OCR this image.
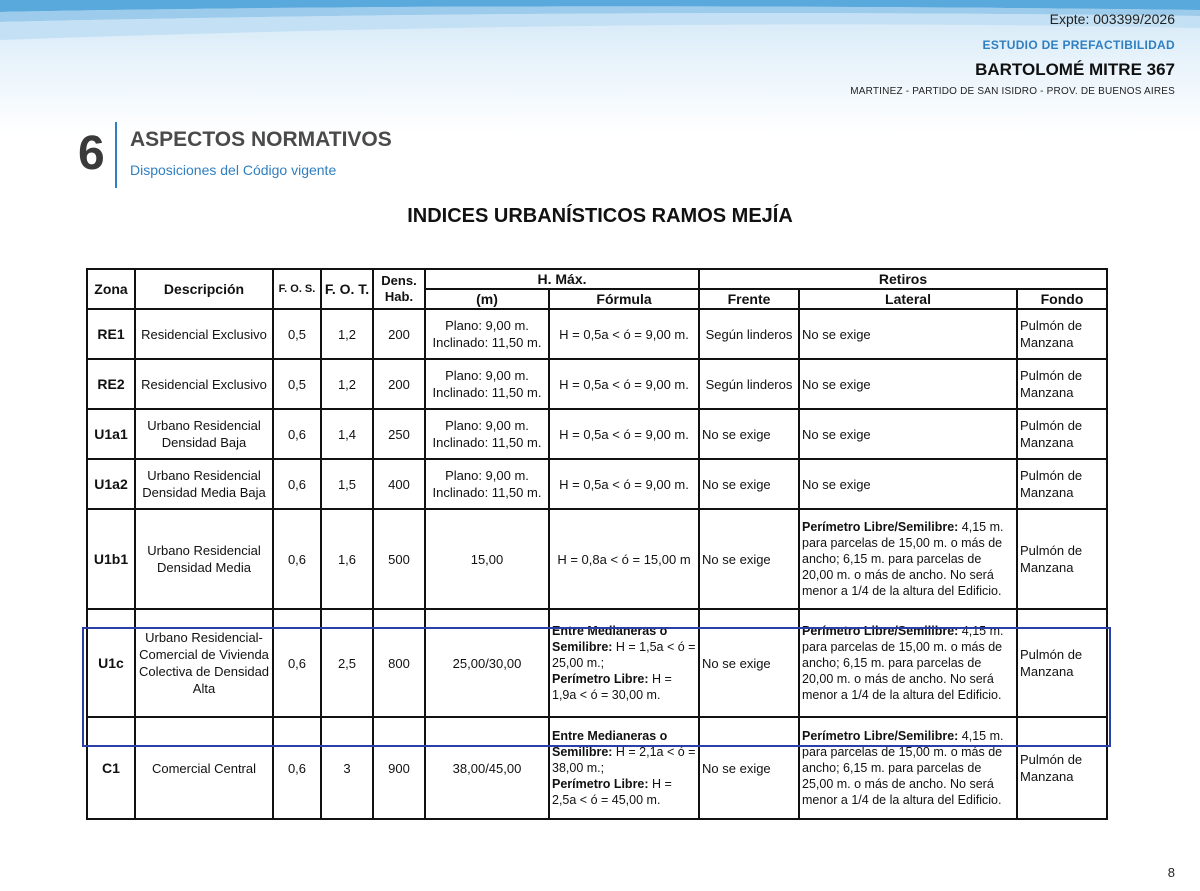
Expte: 003399/2026
ESTUDIO DE PREFACTIBILIDAD
BARTOLOMÉ MITRE 367
MARTINEZ - PARTIDO DE SAN ISIDRO - PROV. DE BUENOS AIRES
6 ASPECTOS NORMATIVOS
Disposiciones del Código vigente
INDICES URBANÍSTICOS RAMOS MEJÍA
Zona	Descripción	F. O. S.	F. O. T.	Dens. Hab.	H. Máx.		Retiros		
					(m)	Fórmula	Frente	Lateral	Fondo
RE1	Residencial Exclusivo	0,5	1,2	200	Plano: 9,00 m.
Inclinado: 11,50 m.	H = 0,5a < ó = 9,00 m.	Según linderos	No se exige	Pulmón de Manzana
RE2	Residencial Exclusivo	0,5	1,2	200	Plano: 9,00 m.
Inclinado: 11,50 m.	H = 0,5a < ó = 9,00 m.	Según linderos	No se exige	Pulmón de Manzana
U1a1	Urbano Residencial Densidad Baja	0,6	1,4	250	Plano: 9,00 m.
Inclinado: 11,50 m.	H = 0,5a < ó = 9,00 m.	No se exige	No se exige	Pulmón de Manzana
U1a2	Urbano Residencial Densidad Media Baja	0,6	1,5	400	Plano: 9,00 m.
Inclinado: 11,50 m.	H = 0,5a < ó = 9,00 m.	No se exige	No se exige	Pulmón de Manzana
U1b1	Urbano Residencial Densidad Media	0,6	1,6	500	15,00	H = 0,8a < ó = 15,00 m	No se exige	Perímetro Libre/Semilibre: 4,15 m. para parcelas de 15,00 m. o más de ancho; 6,15 m. para parcelas de 20,00 m. o más de ancho. No será menor a 1/4 de la altura del Edificio.	Pulmón de Manzana
U1c	Urbano Residencial-Comercial de Vivienda Colectiva de Densidad Alta	0,6	2,5	800	25,00/30,00	Entre Medianeras o Semilibre: H = 1,5a < ó = 25,00 m.;
Perímetro Libre: H = 1,9a < ó = 30,00 m.	No se exige	Perímetro Libre/Semilibre: 4,15 m. para parcelas de 15,00 m. o más de ancho; 6,15 m. para parcelas de 20,00 m. o más de ancho. No será menor a 1/4 de la altura del Edificio.	Pulmón de Manzana
C1	Comercial Central	0,6	3	900	38,00/45,00	Entre Medianeras o Semilibre: H = 2,1a < ó = 38,00 m.;
Perímetro Libre: H = 2,5a < ó = 45,00 m.	No se exige	Perímetro Libre/Semilibre: 4,15 m. para parcelas de 15,00 m. o más de ancho; 6,15 m. para parcelas de 25,00 m. o más de ancho. No será menor a 1/4 de la altura del Edificio.	Pulmón de Manzana
8
